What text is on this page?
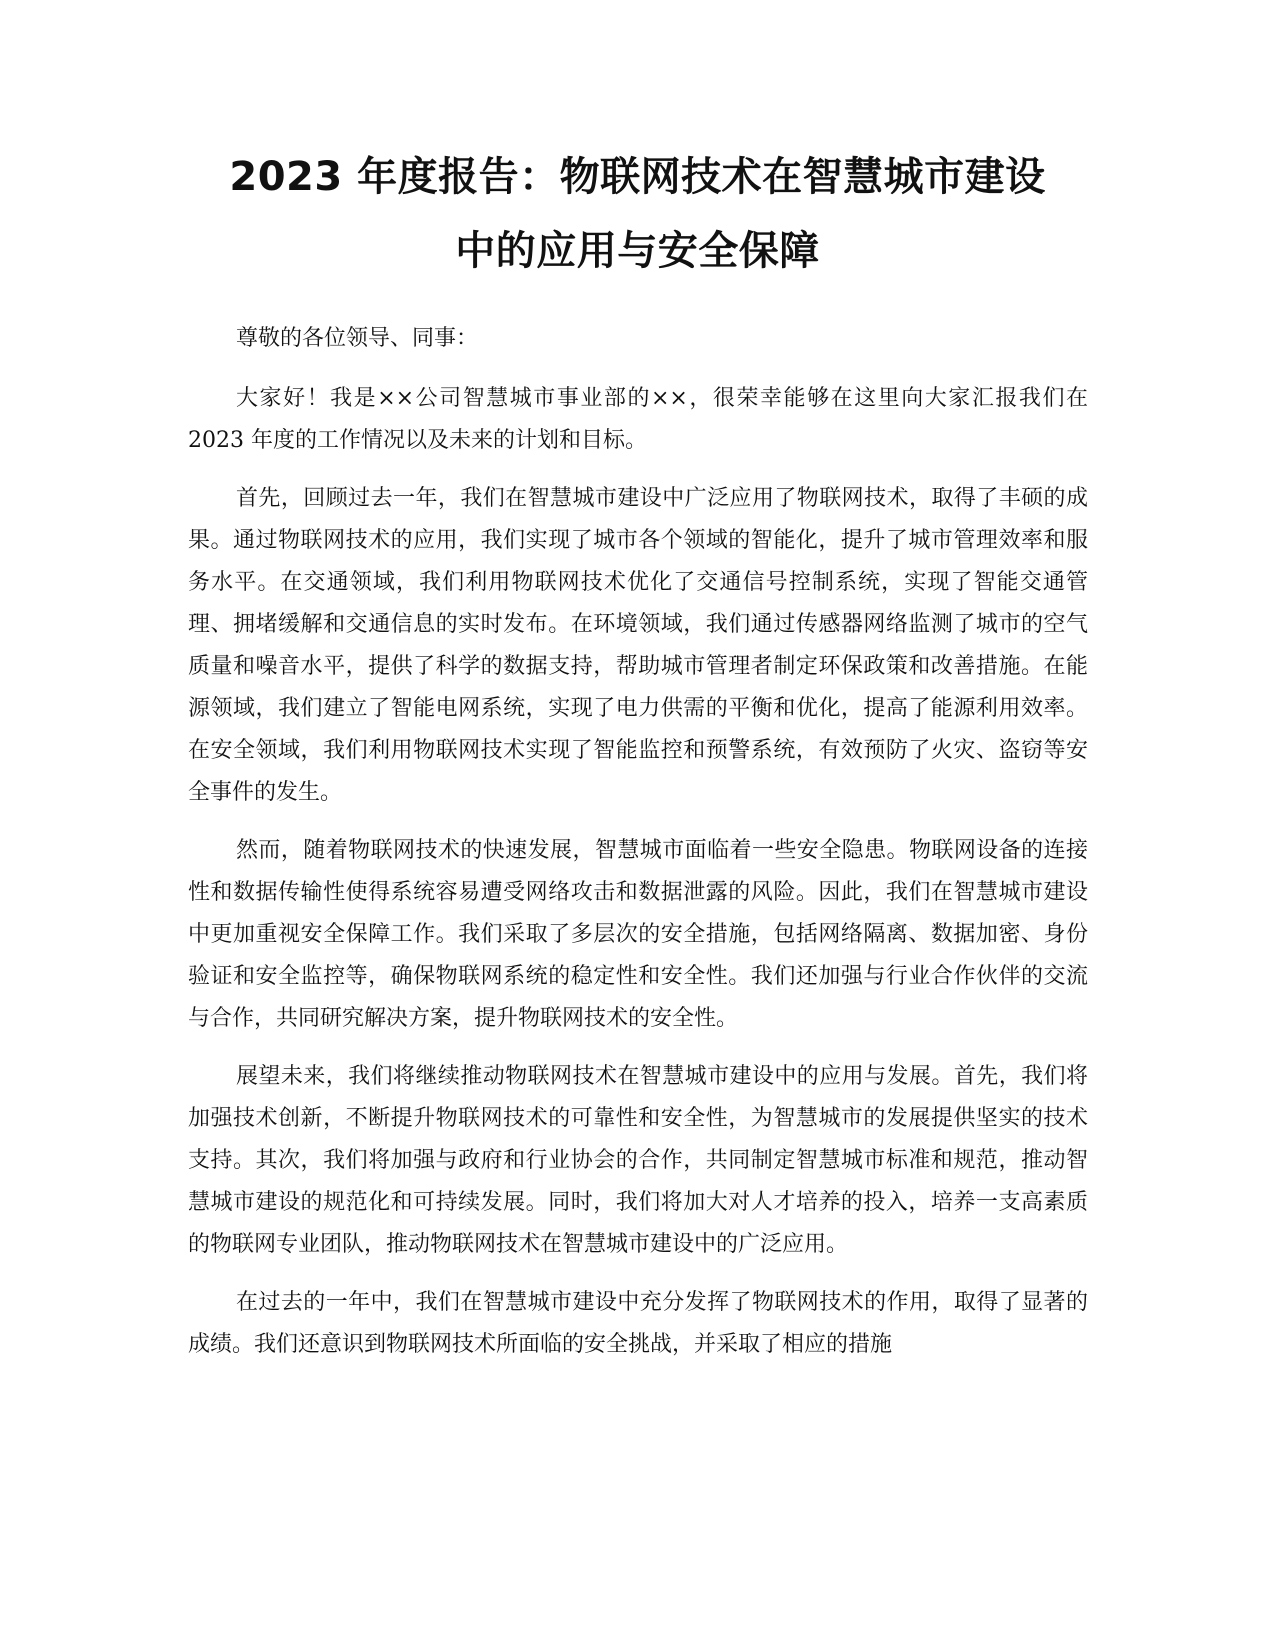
2023 年度报告：物联网技术在智慧城市建设
中的应用与安全保障

尊敬的各位领导、同事：

大家好！我是××公司智慧城市事业部的××，很荣幸能够在这里向大家汇报我们在 2023 年度的工作情况以及未来的计划和目标。

首先，回顾过去一年，我们在智慧城市建设中广泛应用了物联网技术，取得了丰硕的成果。通过物联网技术的应用，我们实现了城市各个领域的智能化，提升了城市管理效率和服务水平。在交通领域，我们利用物联网技术优化了交通信号控制系统，实现了智能交通管理、拥堵缓解和交通信息的实时发布。在环境领域，我们通过传感器网络监测了城市的空气质量和噪音水平，提供了科学的数据支持，帮助城市管理者制定环保政策和改善措施。在能源领域，我们建立了智能电网系统，实现了电力供需的平衡和优化，提高了能源利用效率。在安全领域，我们利用物联网技术实现了智能监控和预警系统，有效预防了火灾、盗窃等安全事件的发生。

然而，随着物联网技术的快速发展，智慧城市面临着一些安全隐患。物联网设备的连接性和数据传输性使得系统容易遭受网络攻击和数据泄露的风险。因此，我们在智慧城市建设中更加重视安全保障工作。我们采取了多层次的安全措施，包括网络隔离、数据加密、身份验证和安全监控等，确保物联网系统的稳定性和安全性。我们还加强与行业合作伙伴的交流与合作，共同研究解决方案，提升物联网技术的安全性。

展望未来，我们将继续推动物联网技术在智慧城市建设中的应用与发展。首先，我们将加强技术创新，不断提升物联网技术的可靠性和安全性，为智慧城市的发展提供坚实的技术支持。其次，我们将加强与政府和行业协会的合作，共同制定智慧城市标准和规范，推动智慧城市建设的规范化和可持续发展。同时，我们将加大对人才培养的投入，培养一支高素质的物联网专业团队，推动物联网技术在智慧城市建设中的广泛应用。

在过去的一年中，我们在智慧城市建设中充分发挥了物联网技术的作用，取得了显著的成绩。我们还意识到物联网技术所面临的安全挑战，并采取了相应的措施
